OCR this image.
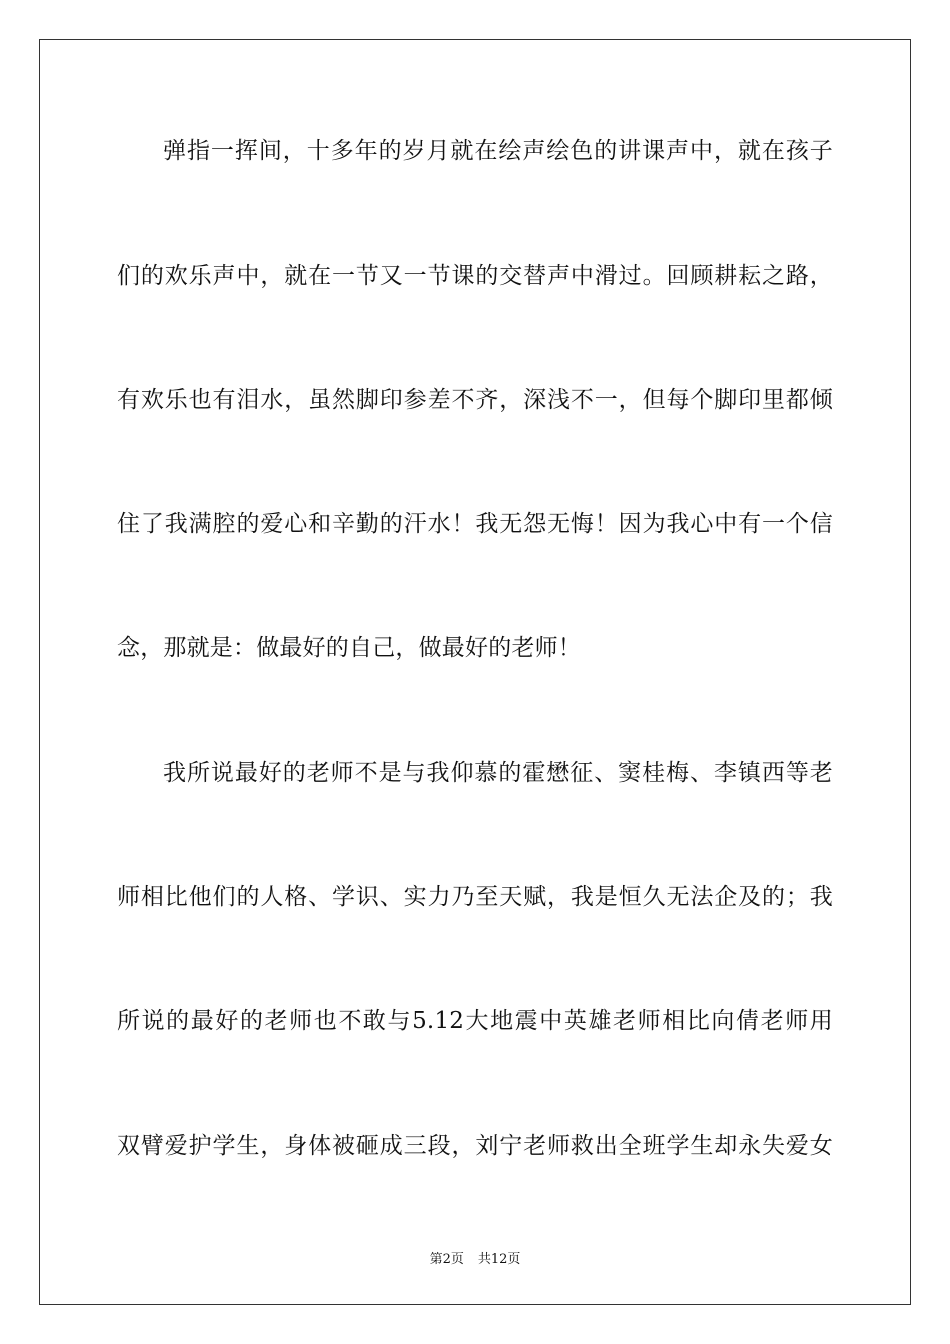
弹指一挥间，十多年的岁月就在绘声绘色的讲课声中，就在孩子

们的欢乐声中，就在一节又一节课的交替声中滑过。回顾耕耘之路，

有欢乐也有泪水，虽然脚印参差不齐，深浅不一，但每个脚印里都倾

住了我满腔的爱心和辛勤的汗水！我无怨无悔！因为我心中有一个信

念，那就是：做最好的自己，做最好的老师！

我所说最好的老师不是与我仰慕的霍懋征、窦桂梅、李镇西等老

师相比他们的人格、学识、实力乃至天赋，我是恒久无法企及的；我

所说的最好的老师也不敢与5.12大地震中英雄老师相比向倩老师用

双臂爱护学生，身体被砸成三段，刘宁老师救出全班学生却永失爱女

第2页 共12页
